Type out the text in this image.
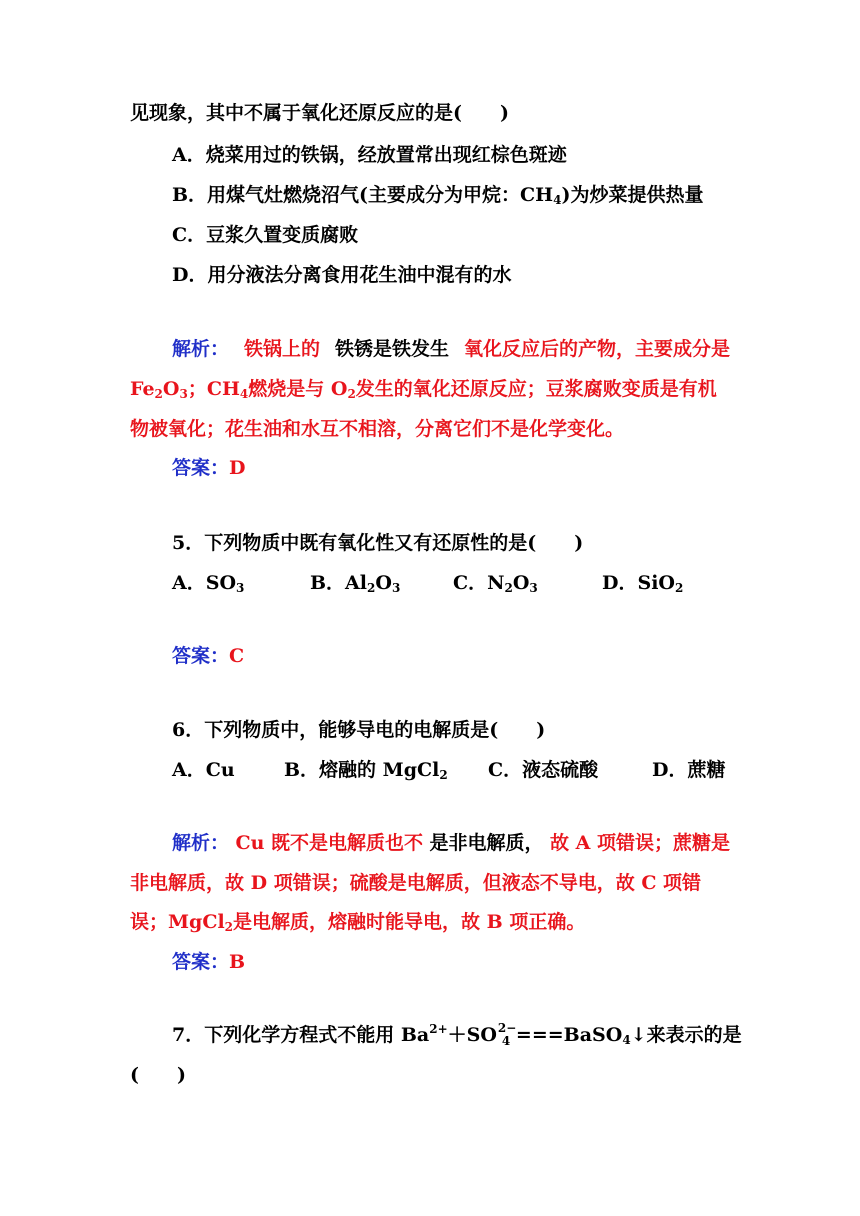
见现象，其中不属于氧化还原反应的是(　　)
A．烧菜用过的铁锅，经放置常出现红棕色斑迹
B．用煤气灶燃烧沼气(主要成分为甲烷：$CH_4$)为炒菜提供热量
C．豆浆久置变质腐败
D．用分液法分离食用花生油中混有的水
解析： 铁锅上的 铁锈是铁发生 氧化反应后的产物，主要成分是
$Fe_2O_3$；$CH_4$燃烧是与 $O_2$发生的氧化还原反应；豆浆腐败变质是有机
物被氧化；花生油和水互不相溶，分离它们不是化学变化。
答案：D
5．下列物质中既有氧化性又有还原性的是(　　)
A．$SO_3$	B．$Al_2O_3$	C．$N_2O_3$	D．SiO$_2$
答案：C
6．下列物质中，能够导电的电解质是(　　)
A．Cu	B．熔融的 MgCl$_2$ C．液态硫酸	D．蔗糖
解析： Cu 既不是电解质也不 是非电解质， 故 A 项错误；蔗糖是
非电解质，故 D 项错误；硫酸是电解质，但液态不导电，故 C 项错
误；MgCl$_2$是电解质，熔融时能导电，故 B 项正确。
答案：B
7．下列化学方程式不能用 Ba2+＋SO 2−
4 ===BaSO$_4$↓来表示的是
(　　)
